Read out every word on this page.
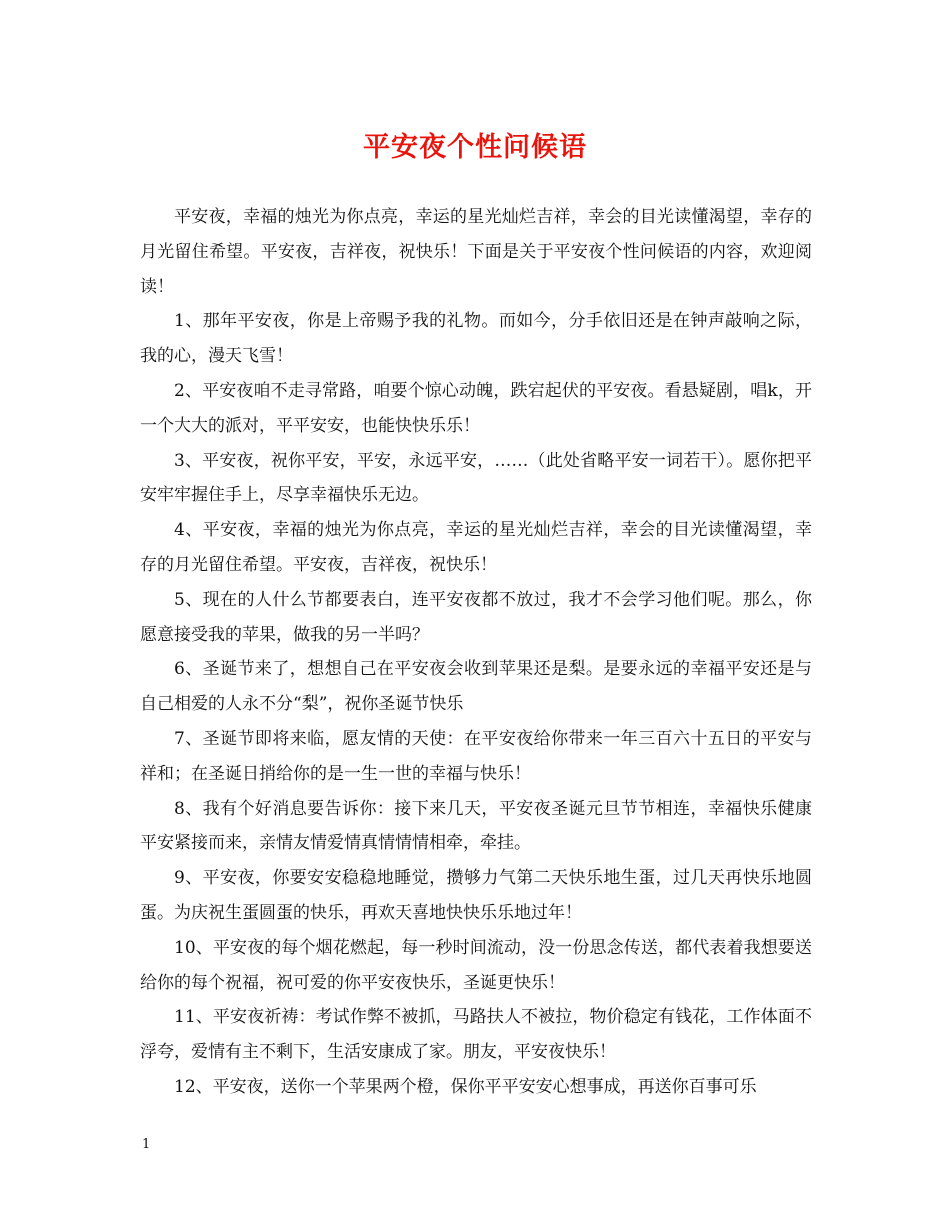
平安夜个性问候语

平安夜，幸福的烛光为你点亮，幸运的星光灿烂吉祥，幸会的目光读懂渴望，幸存的月光留住希望。平安夜，吉祥夜，祝快乐！下面是关于平安夜个性问候语的内容，欢迎阅读！

1、那年平安夜，你是上帝赐予我的礼物。而如今，分手依旧还是在钟声敲响之际，我的心，漫天飞雪！

2、平安夜咱不走寻常路，咱要个惊心动魄，跌宕起伏的平安夜。看悬疑剧，唱k，开一个大大的派对，平平安安，也能快快乐乐！

3、平安夜，祝你平安，平安，永远平安，……（此处省略平安一词若干）。愿你把平安牢牢握住手上，尽享幸福快乐无边。

4、平安夜，幸福的烛光为你点亮，幸运的星光灿烂吉祥，幸会的目光读懂渴望，幸存的月光留住希望。平安夜，吉祥夜，祝快乐！

5、现在的人什么节都要表白，连平安夜都不放过，我才不会学习他们呢。那么，你愿意接受我的苹果，做我的另一半吗？

6、圣诞节来了，想想自己在平安夜会收到苹果还是梨。是要永远的幸福平安还是与自己相爱的人永不分“梨”，祝你圣诞节快乐

7、圣诞节即将来临，愿友情的天使：在平安夜给你带来一年三百六十五日的平安与祥和；在圣诞日捎给你的是一生一世的幸福与快乐！

8、我有个好消息要告诉你：接下来几天，平安夜圣诞元旦节节相连，幸福快乐健康平安紧接而来，亲情友情爱情真情情情相牵，牵挂。

9、平安夜，你要安安稳稳地睡觉，攒够力气第二天快乐地生蛋，过几天再快乐地圆蛋。为庆祝生蛋圆蛋的快乐，再欢天喜地快快乐乐地过年！

10、平安夜的每个烟花燃起，每一秒时间流动，没一份思念传送，都代表着我想要送给你的每个祝福，祝可爱的你平安夜快乐，圣诞更快乐！

11、平安夜祈祷：考试作弊不被抓，马路扶人不被拉，物价稳定有钱花，工作体面不浮夸，爱情有主不剩下，生活安康成了家。朋友，平安夜快乐！

12、平安夜，送你一个苹果两个橙，保你平平安安心想事成，再送你百事可乐

1
